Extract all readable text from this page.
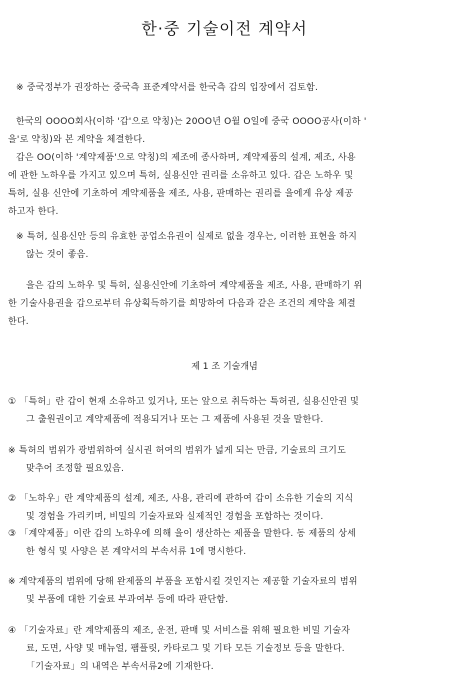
한·중 기술이전 계약서
※ 중국정부가 권장하는 중국측 표준계약서를 한국측 갑의 입장에서 검토함.
한국의 OOOO회사(이하 '갑'으로 약칭)는 20OO년 O월 O일에 중국 OOOO공사(이하 '
을'로 약칭)와 본 계약을 체결한다.
갑은 OO(이하 '계약제품'으로 약칭)의 제조에 종사하며, 계약제품의 설계, 제조, 사용
에 관한 노하우를 가지고 있으며 특허, 실용신안 권리를 소유하고 있다. 갑은 노하우 및
특허, 실용 신안에 기초하여 계약제품을 제조, 사용, 판매하는 권리를 을에게 유상 제공
하고자 한다.
※ 특허, 실용신안 등의 유효한 공업소유권이 실제로 없을 경우는, 이러한 표현을 하지
않는 것이 좋음.
을은 갑의 노하우 및 특허, 실용신안에 기초하여 계약제품을 제조, 사용, 판매하기 위
한 기술사용권을 갑으로부터 유상획득하기를 희망하여 다음과 같은 조건의 계약을 체결
한다.
제 1 조 기술개념
① 「특허」란 갑이 현재 소유하고 있거나, 또는 앞으로 취득하는 특허권, 실용신안권 및
그 출원권이고 계약제품에 적용되거나 또는 그 제품에 사용된 것을 말한다.
※ 특허의 범위가 광범위하여 실시권 허여의 범위가 넓게 되는 만큼, 기술료의 크기도
맞추어 조정할 필요있음.
② 「노하우」란 계약제품의 설계, 제조, 사용, 관리에 관하여 갑이 소유한 기술의 지식
및 경험을 가리키며, 비밀의 기술자료와 실제적인 경험을 포함하는 것이다.
③ 「계약제품」이란 갑의 노하우에 의해 을이 생산하는 제품을 말한다. 동 제품의 상세
한 형식 및 사양은 본 계약서의 부속서류 1에 명시한다.
※ 계약제품의 범위에 당해 완제품의 부품을 포함시킬 것인지는 제공할 기술자료의 범위
및 부품에 대한 기술료 부과여부 등에 따라 판단함.
④ 「기술자료」란 계약제품의 제조, 운전, 판매 및 서비스를 위해 필요한 비밀 기술자
료, 도면, 사양 및 매뉴얼, 팸플릿, 카타로그 및 기타 모든 기술정보 등을 말한다.
「기술자료」의 내역은 부속서류2에 기재한다.
